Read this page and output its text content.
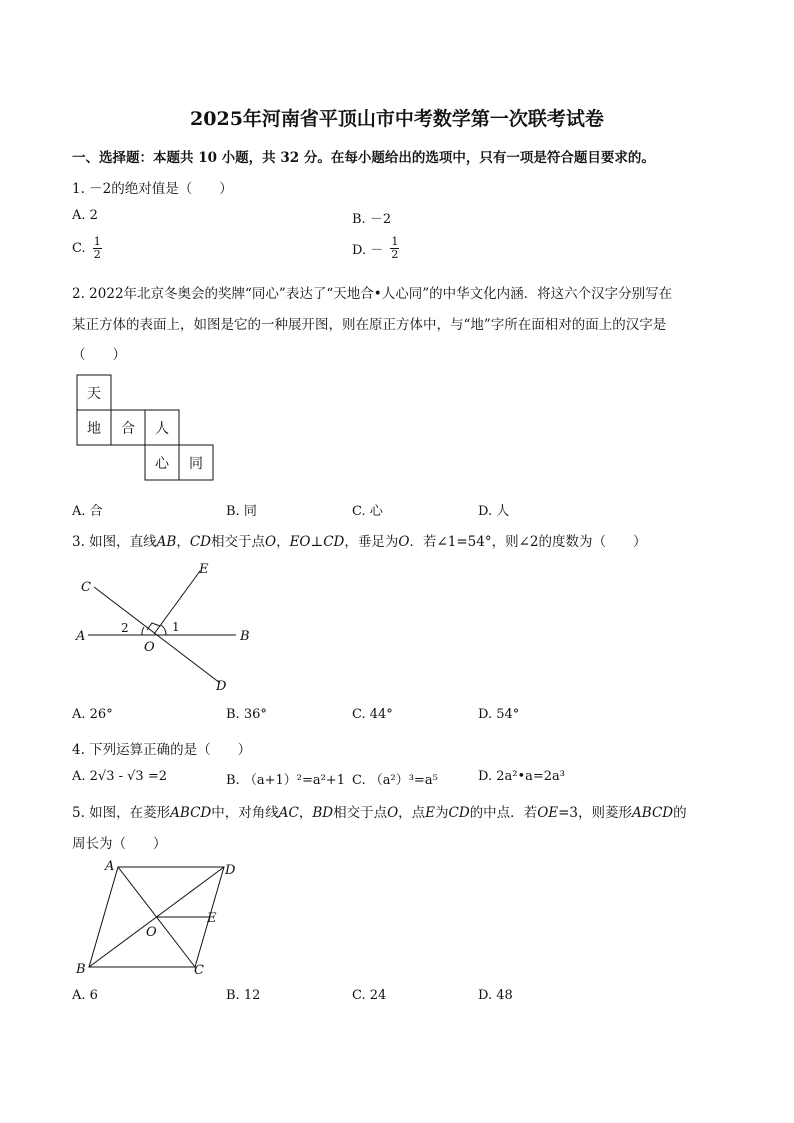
2025年河南省平顶山市中考数学第一次联考试卷
一、选择题：本题共 10 小题，共 32 分。在每小题给出的选项中，只有一项是符合题目要求的。
1. －2的绝对值是（　　）
A. 2	B. －2
C. $\frac{1}{2}$	D. － $\frac{1}{2}$
2. 2022年北京冬奥会的奖牌“同心”表达了“天地合•人心同”的中华文化内涵．将这六个汉字分别写在
某正方体的表面上，如图是它的一种展开图，则在原正方体中，与“地”字所在面相对的面上的汉字是
（　　）
天
地 合 人
心 同
A. 合	B. 同	C. 心	D. 人
3. 如图，直线AB，CD相交于点O，EO⊥CD，垂足为O．若∠1=54°，则∠2的度数为（　　）
A	B
C
D
E
O
1
2
A. 26°	B. 36°	C. 44°	D. 54°
4. 下列运算正确的是（　　）
A. 2√3 - √3 =2	B. （a+1）²=a²+1 C. （a²）³=a⁵	D. 2a²•a=2a³
5. 如图，在菱形ABCD中，对角线AC，BD相交于点O，点E为CD的中点．若OE=3，则菱形ABCD的
周长为（　　）
A	D
B	C
E
O
A. 6	B. 12	C. 24	D. 48
